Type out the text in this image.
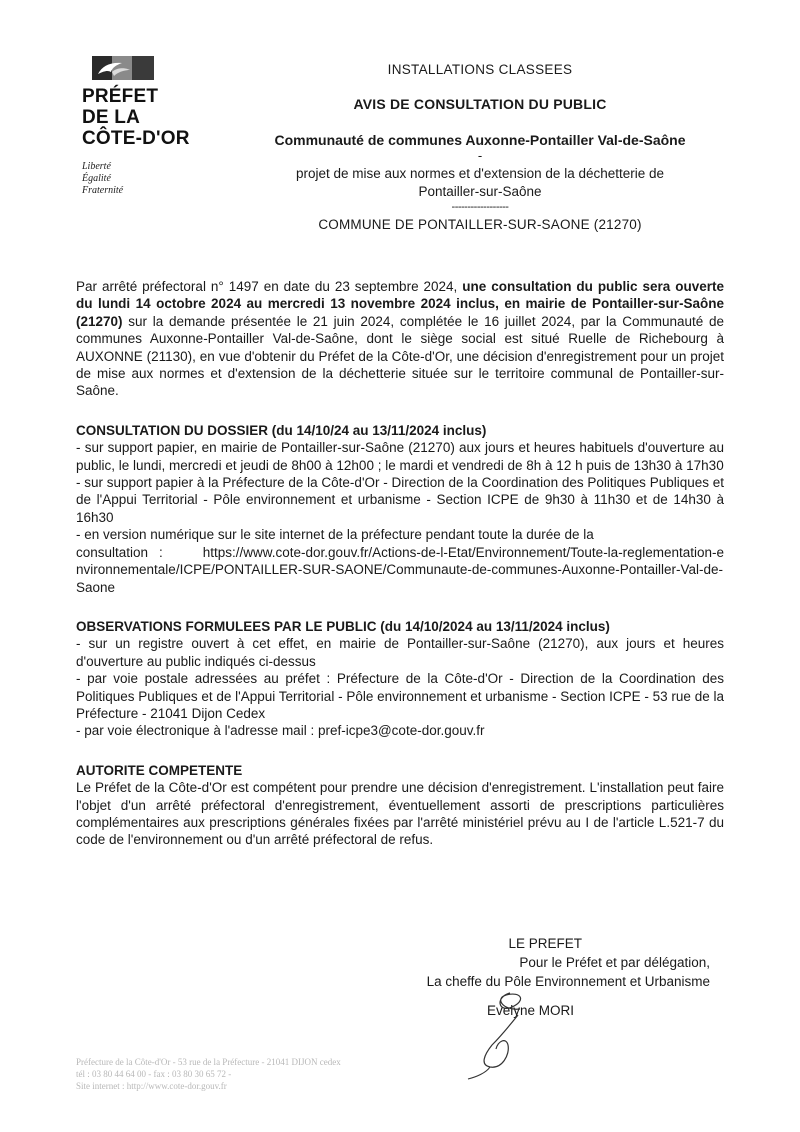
PRÉFET
DE LA
CÔTE-D'OR
Liberté
Égalité
Fraternité
INSTALLATIONS CLASSEES
AVIS DE CONSULTATION DU PUBLIC
Communauté de communes Auxonne-Pontailler Val-de-Saône
-
projet de mise aux normes et d'extension de la déchetterie de
Pontailler-sur-Saône
------------------
COMMUNE DE PONTAILLER-SUR-SAONE (21270)

Par arrêté préfectoral n° 1497 en date du 23 septembre 2024, une consultation du public sera ouverte du lundi 14 octobre 2024 au mercredi 13 novembre 2024 inclus, en mairie de Pontailler-sur-Saône (21270) sur la demande présentée le 21 juin 2024, complétée le 16 juillet 2024, par la Communauté de communes Auxonne-Pontailler Val-de-Saône, dont le siège social est situé Ruelle de Richebourg à AUXONNE (21130), en vue d'obtenir du Préfet de la Côte-d'Or, une décision d'enregistrement pour un projet de mise aux normes et d'extension de la déchetterie située sur le territoire communal de Pontailler-sur-Saône.

CONSULTATION DU DOSSIER (du 14/10/24 au 13/11/2024 inclus)
- sur support papier, en mairie de Pontailler-sur-Saône (21270) aux jours et heures habituels d'ouverture au public, le lundi, mercredi et jeudi de 8h00 à 12h00 ; le mardi et vendredi de 8h à 12 h puis de 13h30 à 17h30
- sur support papier à la Préfecture de la Côte-d'Or - Direction de la Coordination des Politiques Publiques et de l'Appui Territorial - Pôle environnement et urbanisme - Section ICPE de 9h30 à 11h30 et de 14h30 à 16h30
- en version numérique sur le site internet de la préfecture pendant toute la durée de la
consultation :	https://www.cote-dor.gouv.fr/Actions-de-l-Etat/Environnement/Toute-la-reglementation-environnementale/ICPE/PONTAILLER-SUR-SAONE/Communaute-de-communes-Auxonne-Pontailler-Val-de-Saone
OBSERVATIONS FORMULEES PAR LE PUBLIC (du 14/10/2024 au 13/11/2024 inclus)
- sur un registre ouvert à cet effet, en mairie de Pontailler-sur-Saône (21270), aux jours et heures d'ouverture au public indiqués ci-dessus
- par voie postale adressées au préfet : Préfecture de la Côte-d'Or - Direction de la Coordination des Politiques Publiques et de l'Appui Territorial - Pôle environnement et urbanisme - Section ICPE - 53 rue de la Préfecture - 21041 Dijon Cedex
- par voie électronique à l'adresse mail : pref-icpe3@cote-dor.gouv.fr
AUTORITE COMPETENTE

Le Préfet de la Côte-d'Or est compétent pour prendre une décision d'enregistrement. L'installation peut faire l'objet d'un arrêté préfectoral d'enregistrement, éventuellement assorti de prescriptions particulières complémentaires aux prescriptions générales fixées par l'arrêté ministériel prévu au I de l'article L.521-7 du code de l'environnement ou d'un arrêté préfectoral de refus.

LE PREFET
Pour le Préfet et par délégation,
La cheffe du Pôle Environnement et Urbanisme
Evelyne MORI
Préfecture de la Côte-d'Or - 53 rue de la Préfecture - 21041 DIJON cedex
tél : 03 80 44 64 00 - fax : 03 80 30 65 72 -
Site internet : http://www.cote-dor.gouv.fr
